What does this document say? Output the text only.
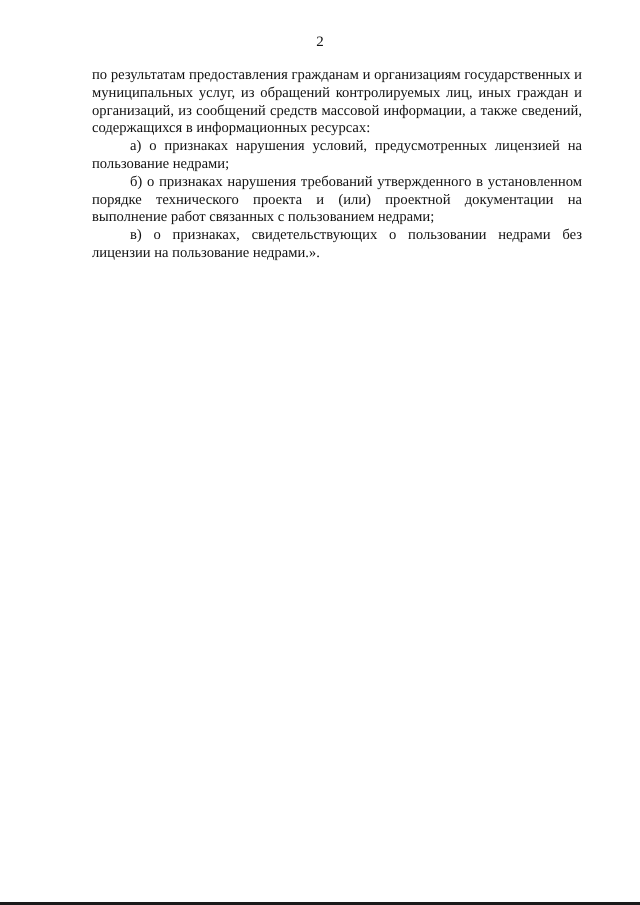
2

по результатам предоставления гражданам и организациям государственных и муниципальных услуг, из обращений контролируемых лиц, иных граждан и организаций, из сообщений средств массовой информации, а также сведений, содержащихся в информационных ресурсах:

а) о признаках нарушения условий, предусмотренных лицензией на пользование недрами;

б) о признаках нарушения требований утвержденного в установленном порядке технического проекта и (или) проектной документации на выполнение работ связанных с пользованием недрами;

в) о признаках, свидетельствующих о пользовании недрами без лицензии на пользование недрами.».
